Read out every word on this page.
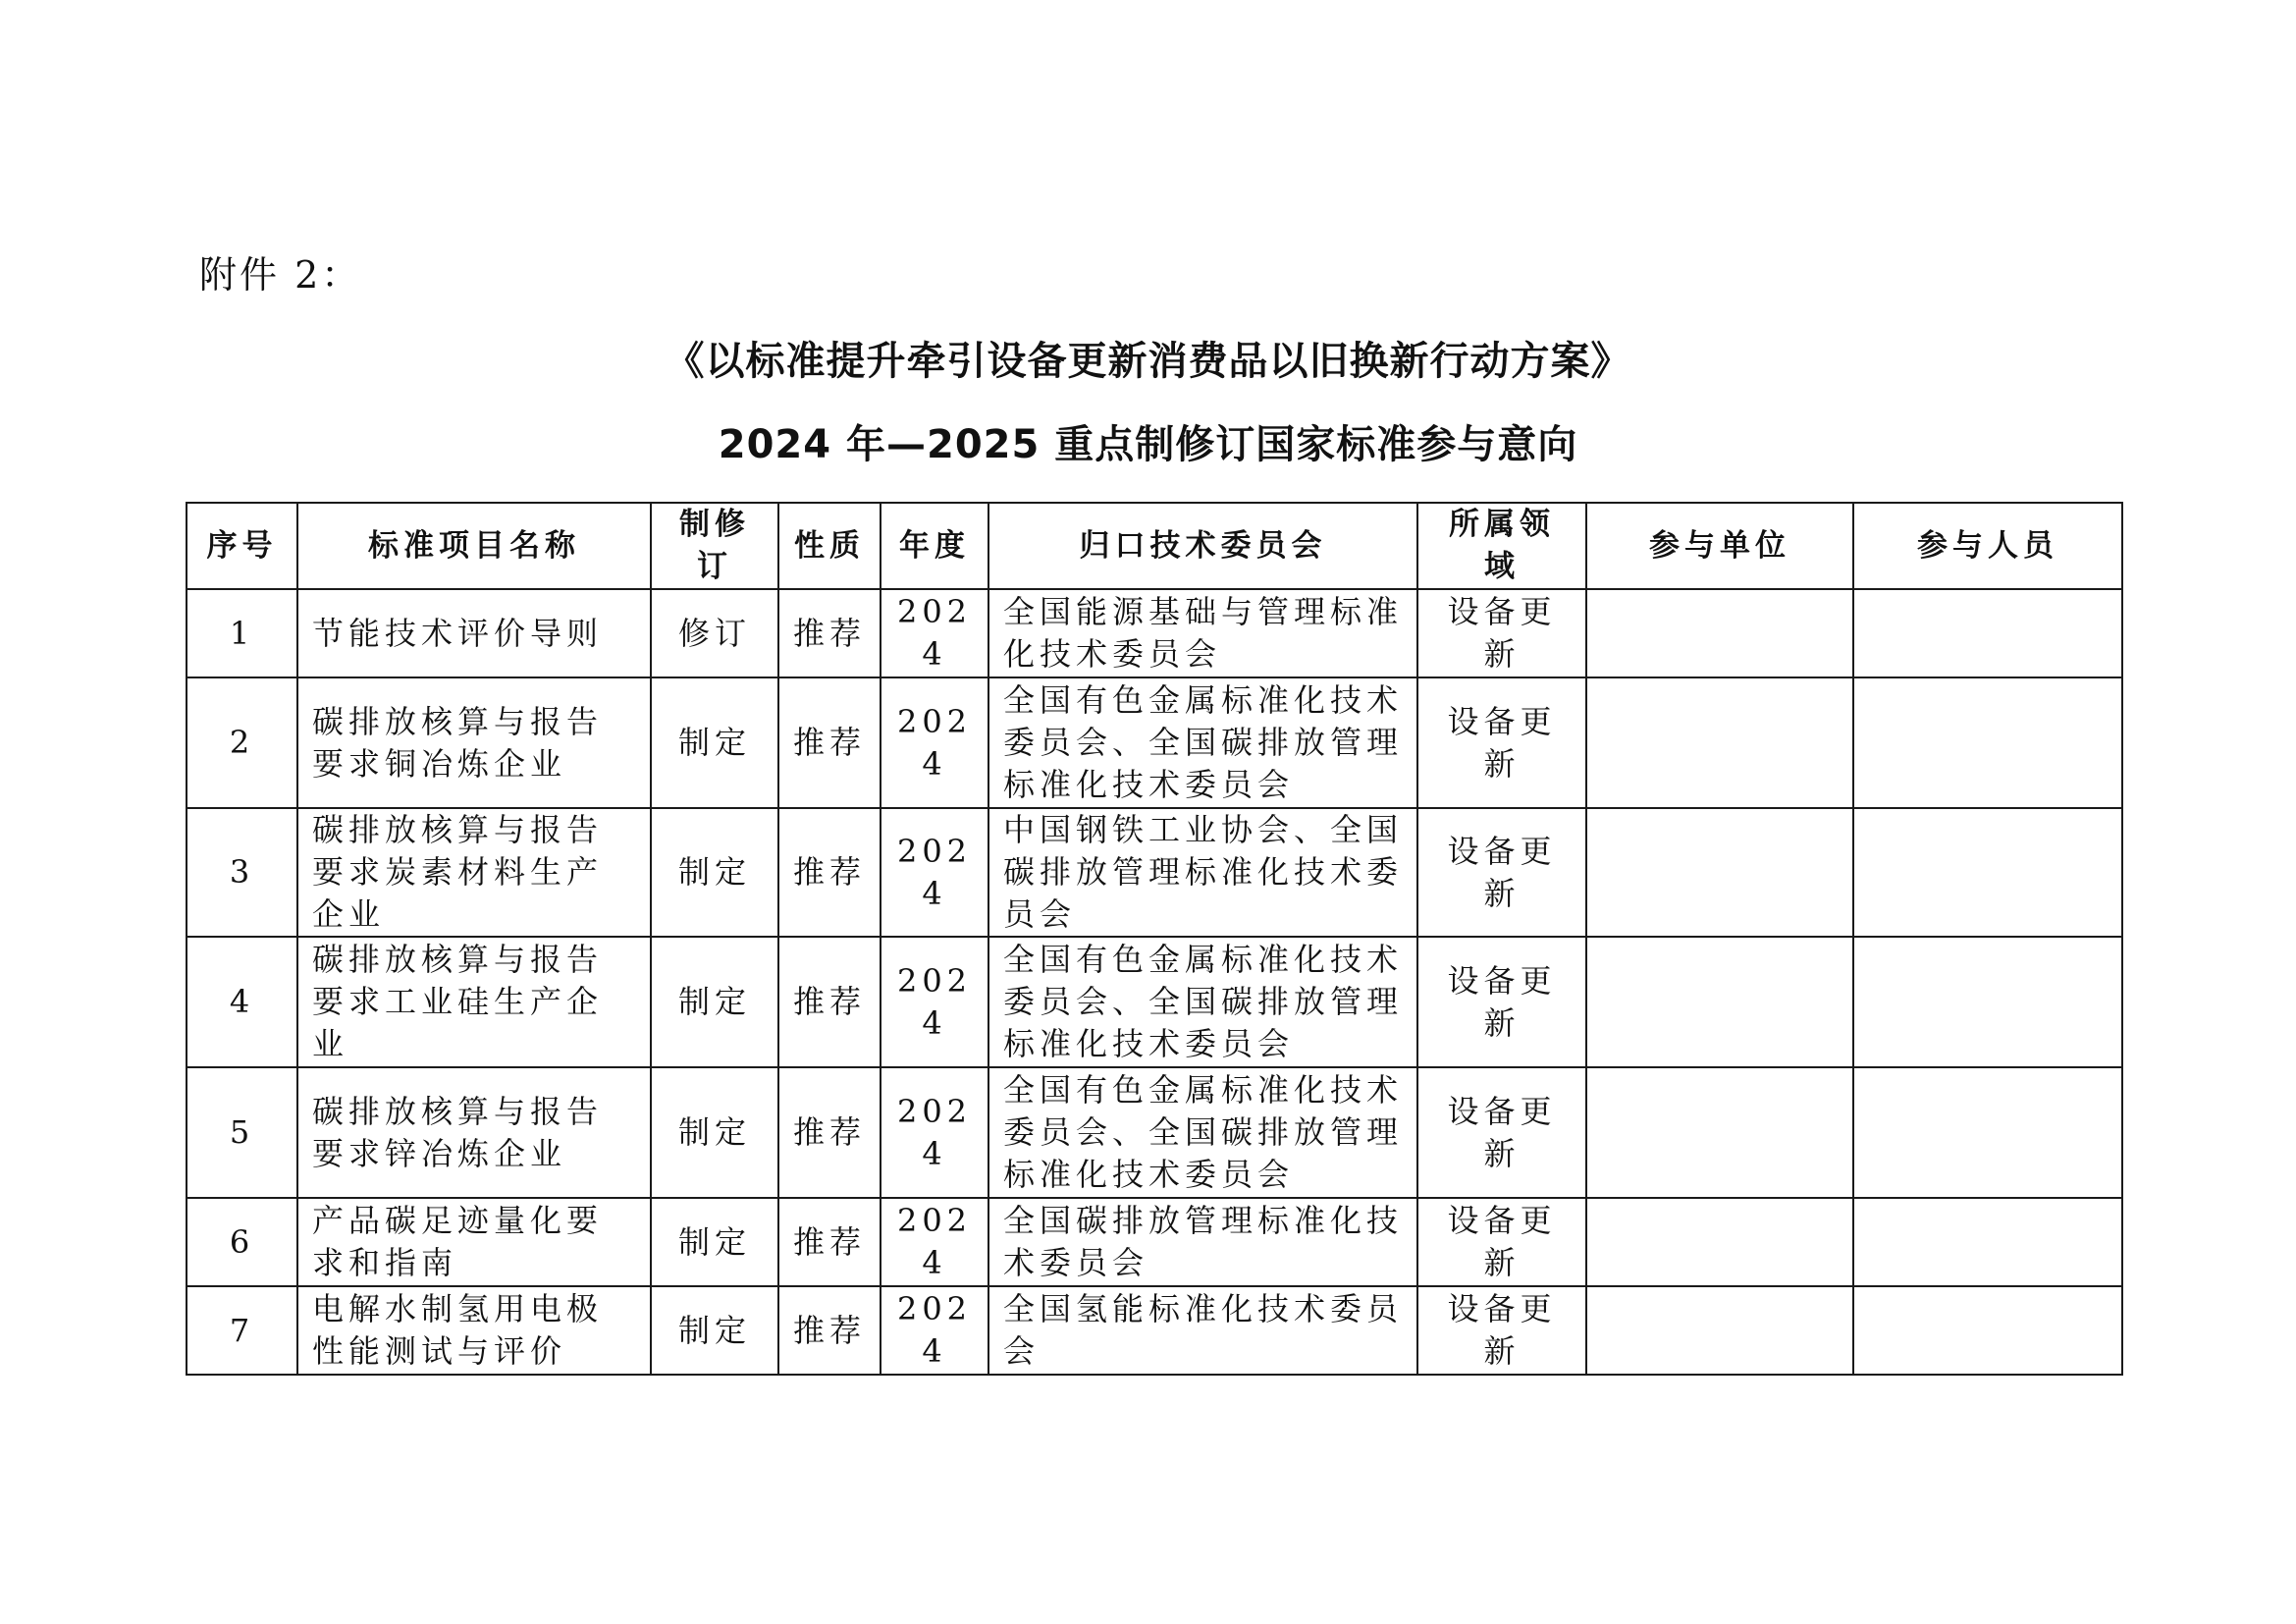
附件 2：
《以标准提升牵引设备更新消费品以旧换新行动方案》
2024 年—2025 重点制修订国家标准参与意向
序号	标准项目名称	制修订	性质	年度	归口技术委员会	所属领域	参与单位	参与人员
1	节能技术评价导则	修订	推荐	2024	全国能源基础与管理标准化技术委员会	设备更新		
2	碳排放核算与报告要求铜冶炼企业	制定	推荐	2024	全国有色金属标准化技术委员会、全国碳排放管理标准化技术委员会	设备更新		
3	碳排放核算与报告要求炭素材料生产企业	制定	推荐	2024	中国钢铁工业协会、全国碳排放管理标准化技术委员会	设备更新		
4	碳排放核算与报告要求工业硅生产企业	制定	推荐	2024	全国有色金属标准化技术委员会、全国碳排放管理标准化技术委员会	设备更新		
5	碳排放核算与报告要求锌冶炼企业	制定	推荐	2024	全国有色金属标准化技术委员会、全国碳排放管理标准化技术委员会	设备更新		
6	产品碳足迹量化要求和指南	制定	推荐	2024	全国碳排放管理标准化技术委员会	设备更新		
7	电解水制氢用电极性能测试与评价	制定	推荐	2024	全国氢能标准化技术委员会	设备更新		
